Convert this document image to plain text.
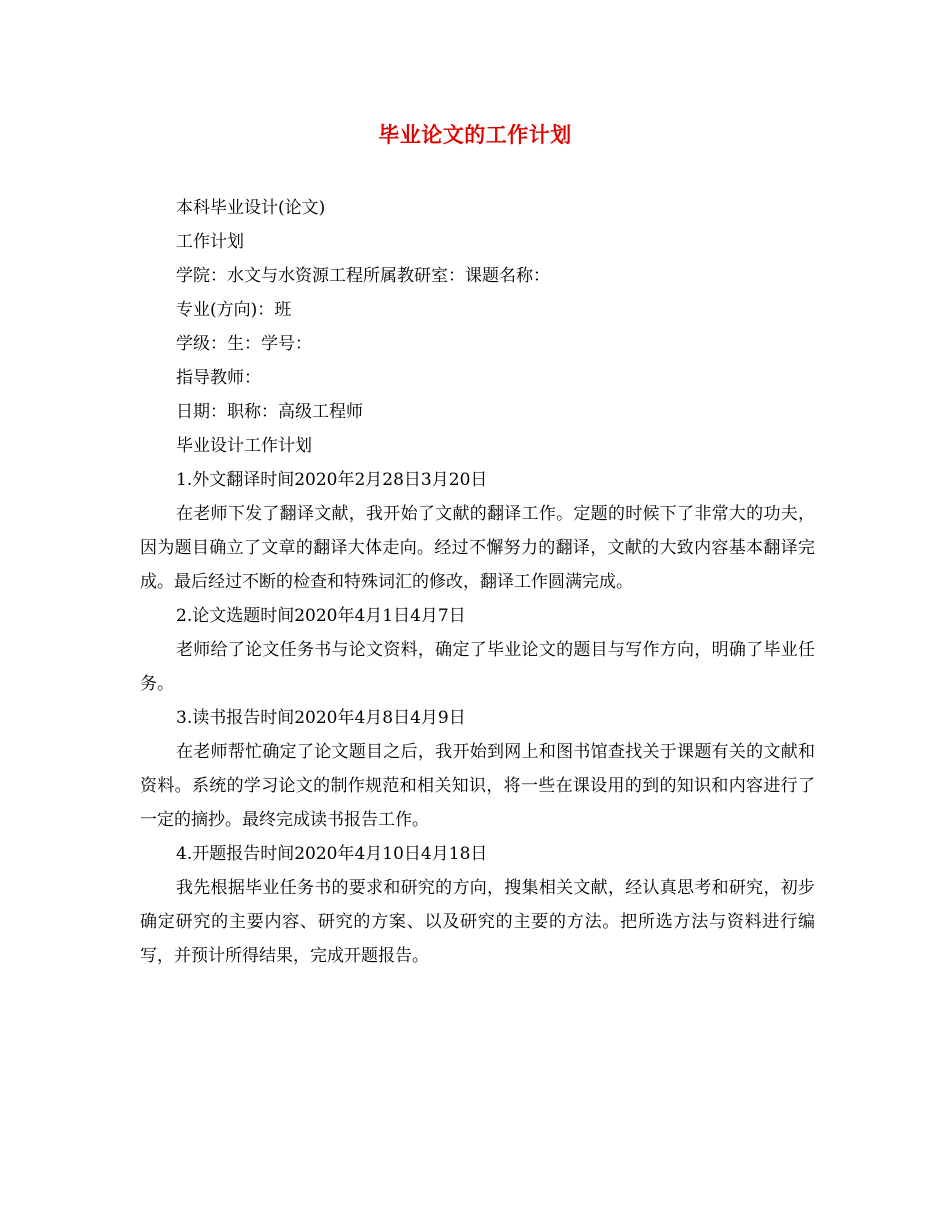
毕业论文的工作计划

本科毕业设计(论文)

工作计划

学院：水文与水资源工程所属教研室：课题名称：

专业(方向)：班

学级：生：学号：

指导教师：

日期：职称：高级工程师

毕业设计工作计划

1.外文翻译时间2020年2月28日3月20日

在老师下发了翻译文献，我开始了文献的翻译工作。定题的时候下了非常大的功夫，因为题目确立了文章的翻译大体走向。经过不懈努力的翻译，文献的大致内容基本翻译完成。最后经过不断的检查和特殊词汇的修改，翻译工作圆满完成。

2.论文选题时间2020年4月1日4月7日

老师给了论文任务书与论文资料，确定了毕业论文的题目与写作方向，明确了毕业任务。

3.读书报告时间2020年4月8日4月9日

在老师帮忙确定了论文题目之后，我开始到网上和图书馆查找关于课题有关的文献和资料。系统的学习论文的制作规范和相关知识，将一些在课设用的到的知识和内容进行了一定的摘抄。最终完成读书报告工作。

4.开题报告时间2020年4月10日4月18日

我先根据毕业任务书的要求和研究的方向，搜集相关文献，经认真思考和研究，初步确定研究的主要内容、研究的方案、以及研究的主要的方法。把所选方法与资料进行编写，并预计所得结果，完成开题报告。
